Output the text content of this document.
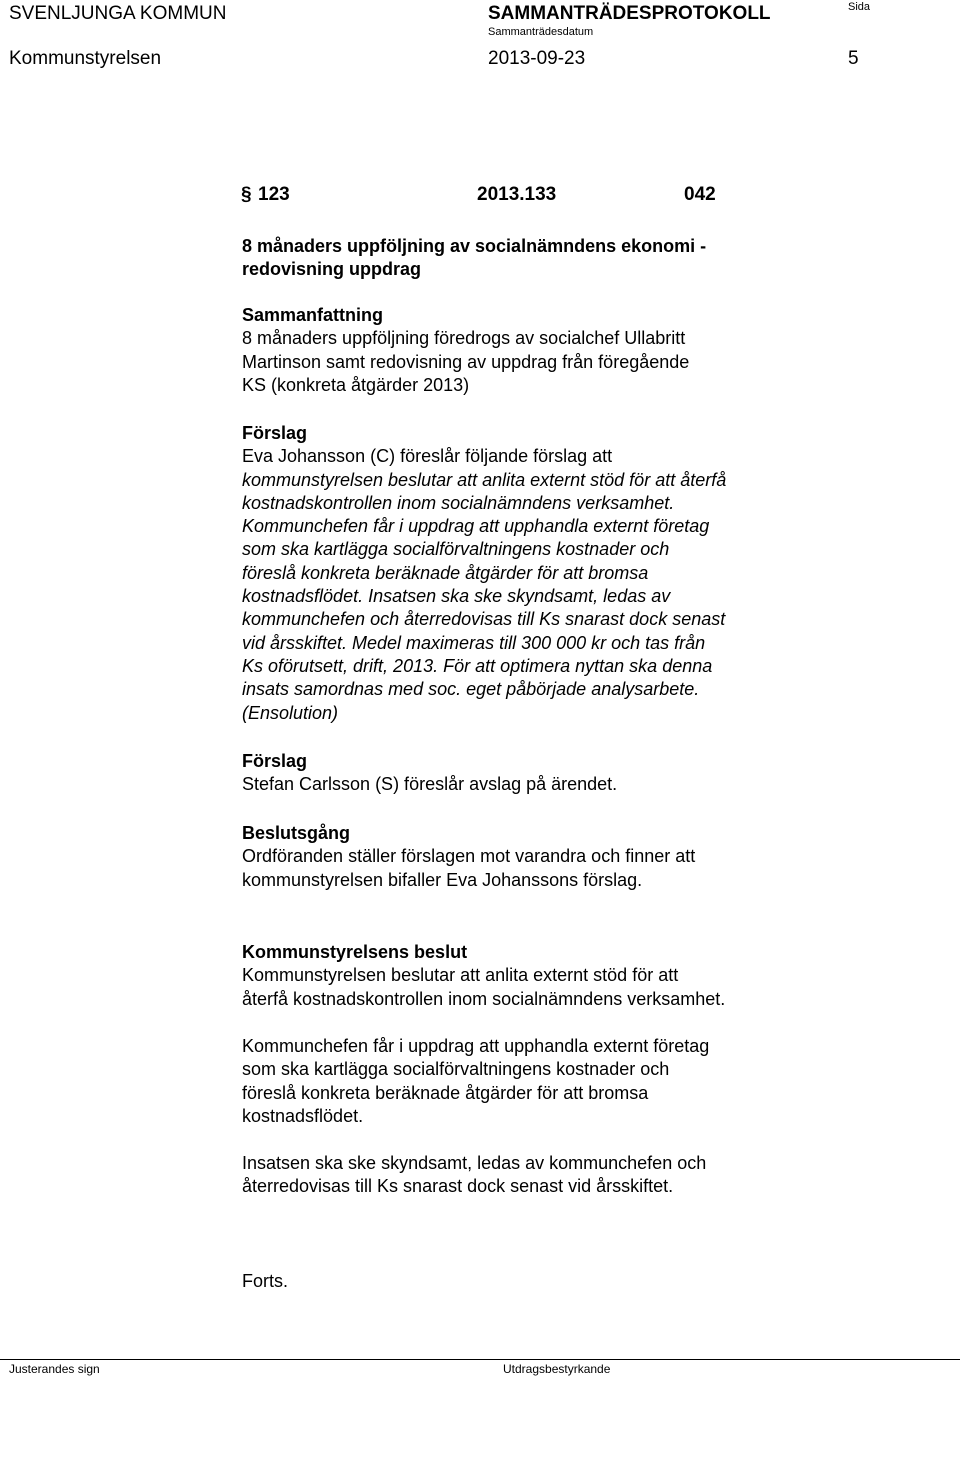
SVENLJUNGA KOMMUN	SAMMANTRÄDESPROTOKOLL	Sida
Sammanträdesdatum
Kommunstyrelsen	2013-09-23	5
§ 123	2013.133	042
8 månaders uppföljning av socialnämndens ekonomi -
redovisning uppdrag
Sammanfattning
8 månaders uppföljning föredrogs av socialchef Ullabritt
Martinson samt redovisning av uppdrag från föregående
KS (konkreta åtgärder 2013)
Förslag
Eva Johansson (C) föreslår följande förslag att
kommunstyrelsen beslutar att anlita externt stöd för att återfå
kostnadskontrollen inom socialnämndens verksamhet.
Kommunchefen får i uppdrag att upphandla externt företag
som ska kartlägga socialförvaltningens kostnader och
föreslå konkreta beräknade åtgärder för att bromsa
kostnadsflödet. Insatsen ska ske skyndsamt, ledas av
kommunchefen och återredovisas till Ks snarast dock senast
vid årsskiftet. Medel maximeras till 300 000 kr och tas från
Ks oförutsett, drift, 2013. För att optimera nyttan ska denna
insats samordnas med soc. eget påbörjade analysarbete.
(Ensolution)
Förslag
Stefan Carlsson (S) föreslår avslag på ärendet.
Beslutsgång
Ordföranden ställer förslagen mot varandra och finner att
kommunstyrelsen bifaller Eva Johanssons förslag.
Kommunstyrelsens beslut
Kommunstyrelsen beslutar att anlita externt stöd för att
återfå kostnadskontrollen inom socialnämndens verksamhet.
Kommunchefen får i uppdrag att upphandla externt företag
som ska kartlägga socialförvaltningens kostnader och
föreslå konkreta beräknade åtgärder för att bromsa
kostnadsflödet.
Insatsen ska ske skyndsamt, ledas av kommunchefen och
återredovisas till Ks snarast dock senast vid årsskiftet.
Forts.
Justerandes sign	Utdragsbestyrkande
